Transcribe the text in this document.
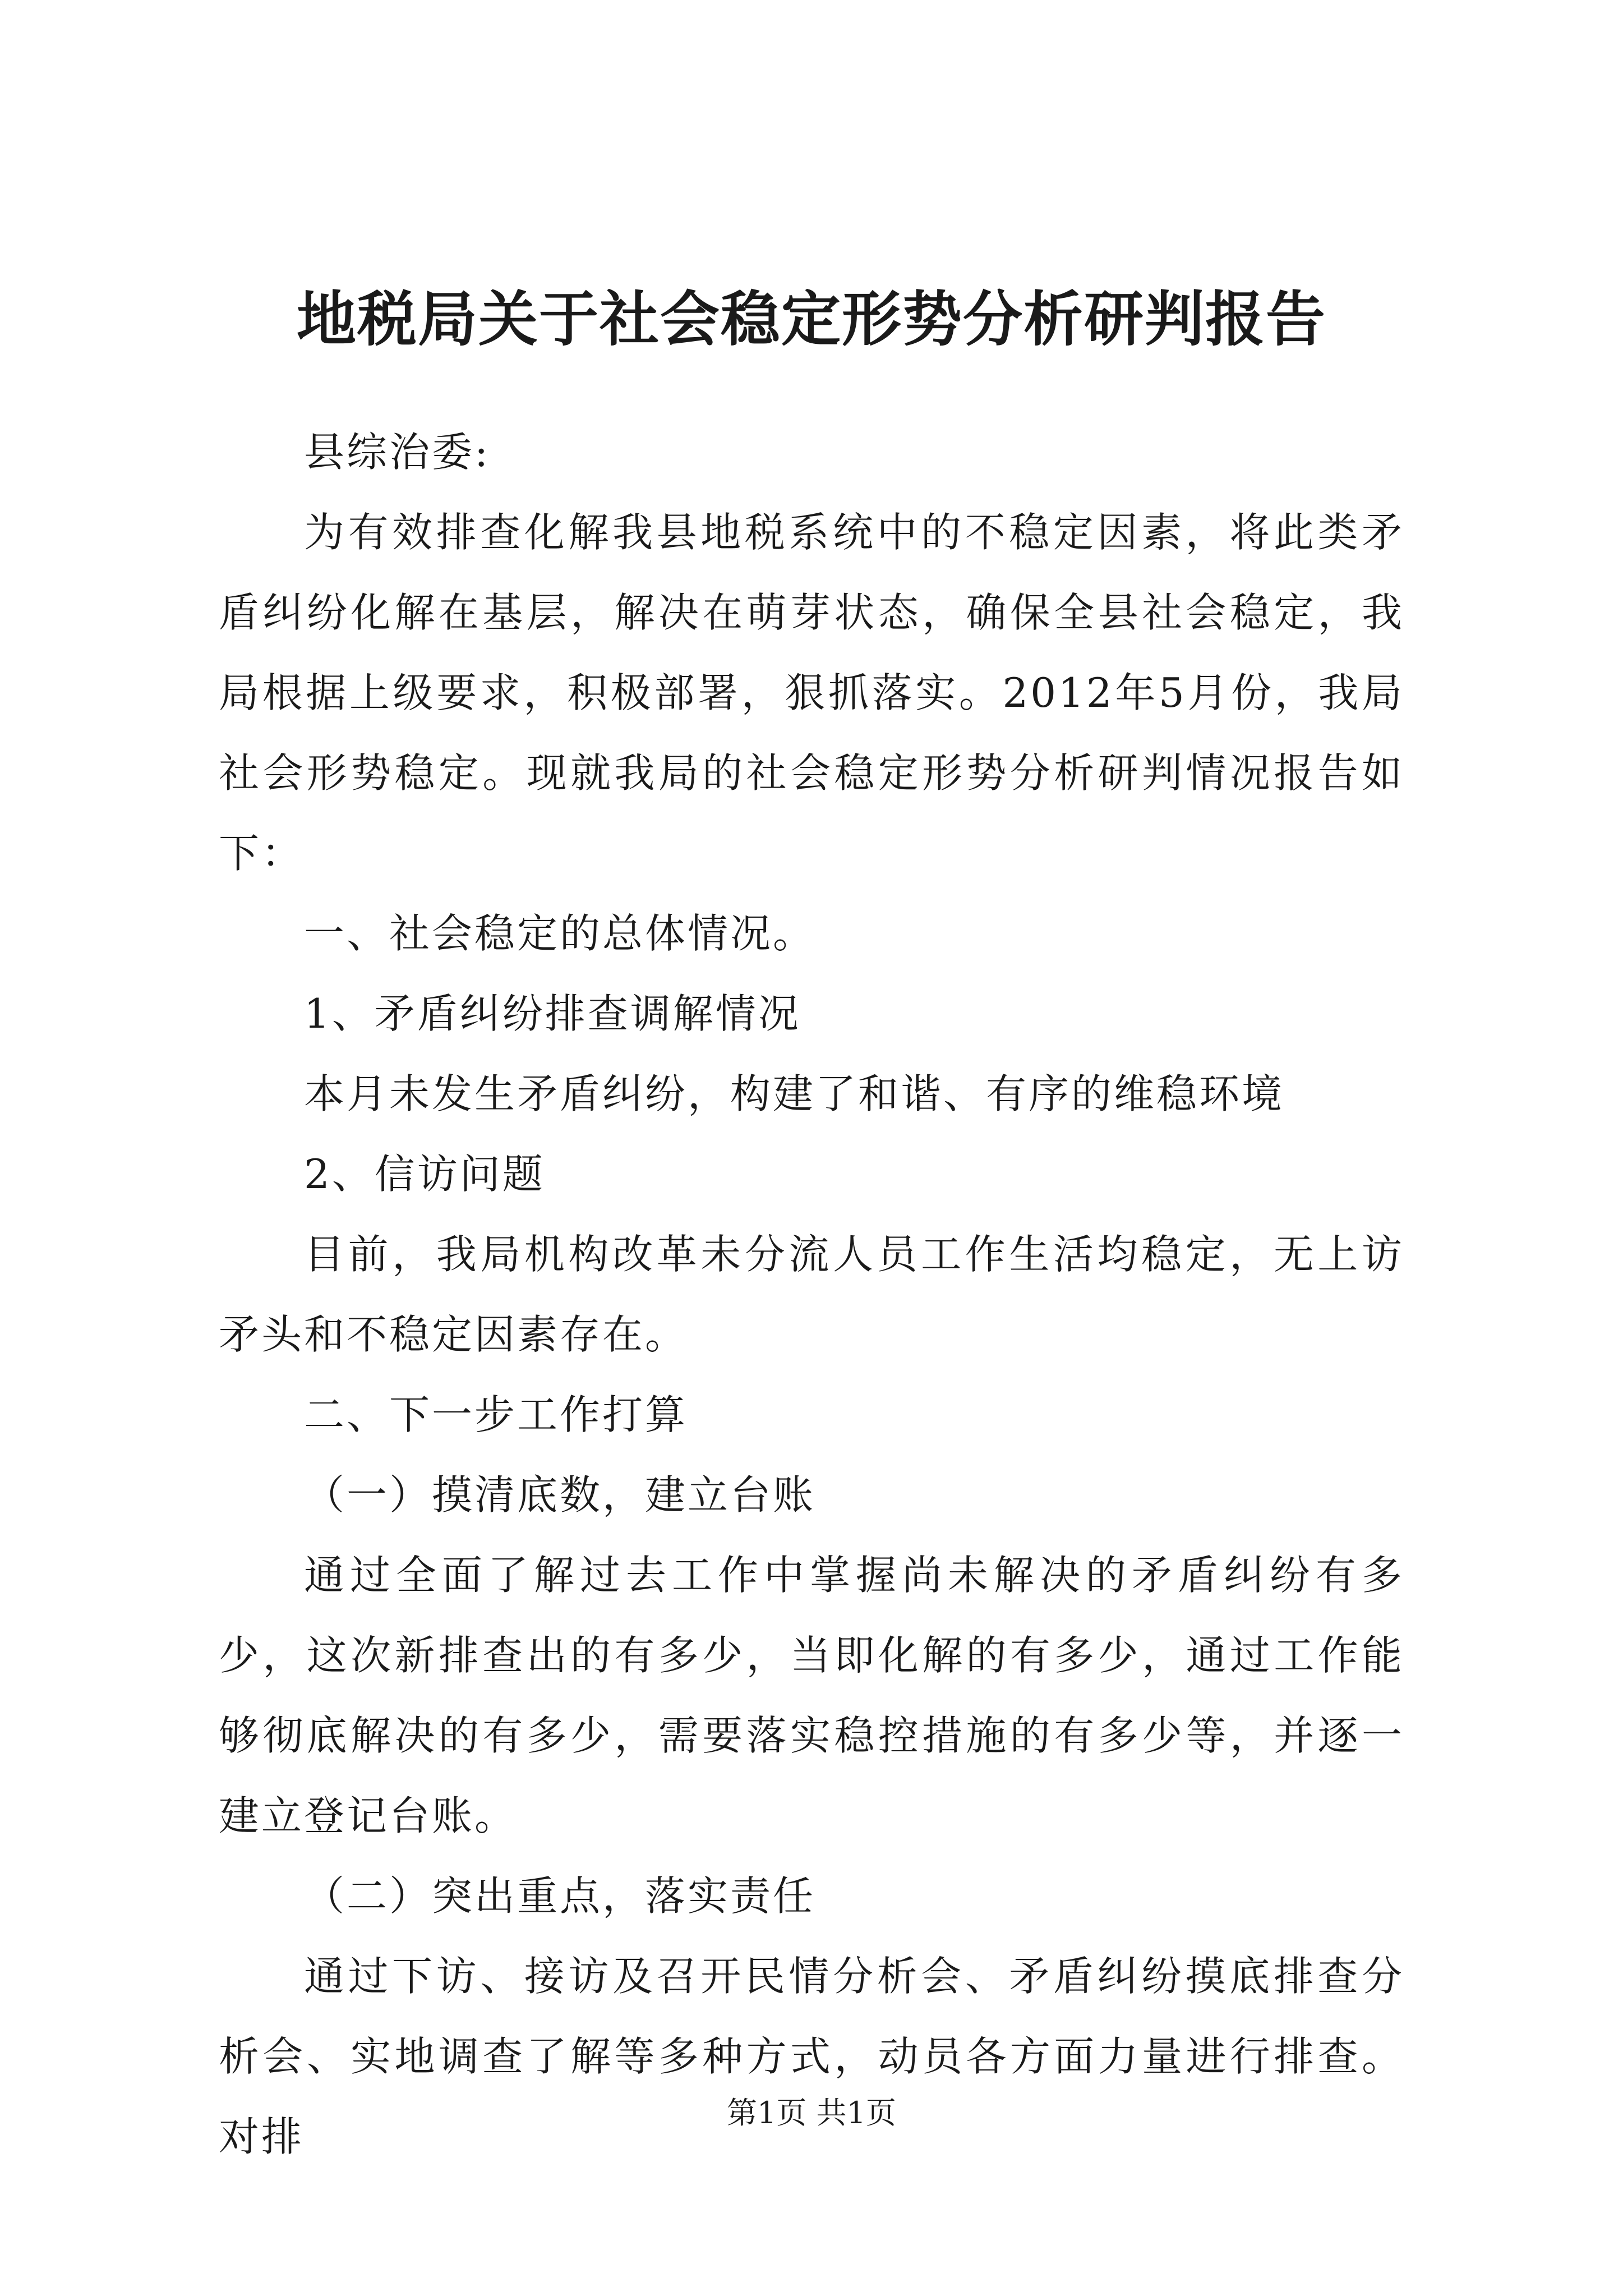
地税局关于社会稳定形势分析研判报告

县综治委:

为有效排查化解我县地税系统中的不稳定因素，将此类矛盾纠纷化解在基层，解决在萌芽状态，确保全县社会稳定，我局根据上级要求，积极部署，狠抓落实。2012年5月份，我局社会形势稳定。现就我局的社会稳定形势分析研判情况报告如下：

一、社会稳定的总体情况。

1、矛盾纠纷排查调解情况

本月未发生矛盾纠纷，构建了和谐、有序的维稳环境

2、信访问题

目前，我局机构改革未分流人员工作生活均稳定，无上访矛头和不稳定因素存在。

二、下一步工作打算

（一）摸清底数，建立台账

通过全面了解过去工作中掌握尚未解决的矛盾纠纷有多少，这次新排查出的有多少，当即化解的有多少，通过工作能够彻底解决的有多少，需要落实稳控措施的有多少等，并逐一建立登记台账。

（二）突出重点，落实责任

通过下访、接访及召开民情分析会、矛盾纠纷摸底排查分析会、实地调查了解等多种方式，动员各方面力量进行排查。对排

第1页 共1页
